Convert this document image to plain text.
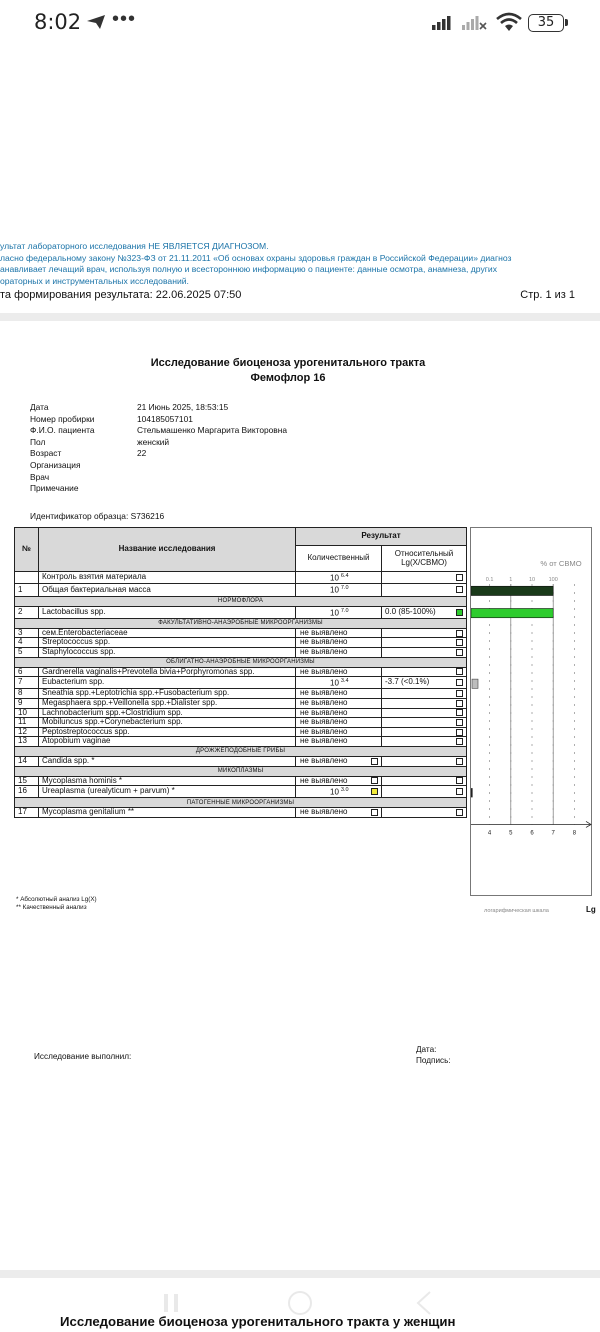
8:02 •••	35
ультат лабораторного исследования НЕ ЯВЛЯЕТСЯ ДИАГНОЗОМ.
ласно федеральному закону №323-ФЗ от 21.11.2011 «Об основах охраны здоровья граждан в Российской Федерации» диагноз
анавливает лечащий врач, используя полную и всестороннюю информацию о пациенте: данные осмотра, анамнеза, других
ораторных и инструментальных исследований.
та формирования результата: 22.06.2025 07:50	Стр. 1 из 1
Исследование биоценоза урогенитального тракта
Фемофлор 16
Дата	21 Июнь 2025, 18:53:15
Номер пробирки	104185057101
Ф.И.О. пациента	Стельмашенко Маргарита Викторовна
Пол	женский
Возраст	22
Организация
Врач
Примечание
Идентификатор образца: S736216
№	Название исследования	Результат	
		Количественный	Относительный
Lg(X/СВМО)

	Контроль взятия материала	10 $^{6.4}$

1	Общая бактериальная масса	10 $^{7.0}$

НОРМОФЛОРА			
2	Lactobacillus spp.	10 $^{7.0}$	0.0 (85-100%)

ФАКУЛЬТАТИВНО-АНАЭРОБНЫЕ МИКРООРГАНИЗМЫ			
3	сем.Enterobacteriaceae	не выявлено	

4	Streptococcus spp.	не выявлено	

5	Staphylococcus spp.	не выявлено	

ОБЛИГАТНО-АНАЭРОБНЫЕ МИКРООРГАНИЗМЫ			
6	Gardnerella vaginalis+Prevotella bivia+Porphyromonas spp.	не выявлено	

7	Eubacterium spp.	10 $^{3.4}$	-3.7 (<0.1%)

8	Sneathia spp.+Leptotrichia spp.+Fusobacterium spp.	не выявлено	

9	Megasphaera spp.+Veillonella spp.+Dialister spp.	не выявлено	

10	Lachnobacterium spp.+Clostridium spp.	не выявлено	

11	Mobiluncus spp.+Corynebacterium spp.	не выявлено	

12	Peptostreptococcus spp.	не выявлено	

13	Atopobium vaginae	не выявлено	

ДРОЖЖЕПОДОБНЫЕ ГРИБЫ			
14	Candida spp. *	не выявлено	

МИКОПЛАЗМЫ			
15	Mycoplasma hominis *	не выявлено	

16	Ureaplasma (urealyticum + parvum) *	10 $^{3.0}$

ПАТОГЕННЫЕ МИКРООРГАНИЗМЫ			
17	Mycoplasma genitalium **	не выявлено	

% от СВМО
0.1	1	10 100
4	5	6	7	8
* Абсолютный анализ Lg(X)
** Качественный анализ
Исследование выполнил:
Дата:
Подпись:
Исследование биоценоза урогенитального тракта у женщин
логарифмическая шкала	Lg
